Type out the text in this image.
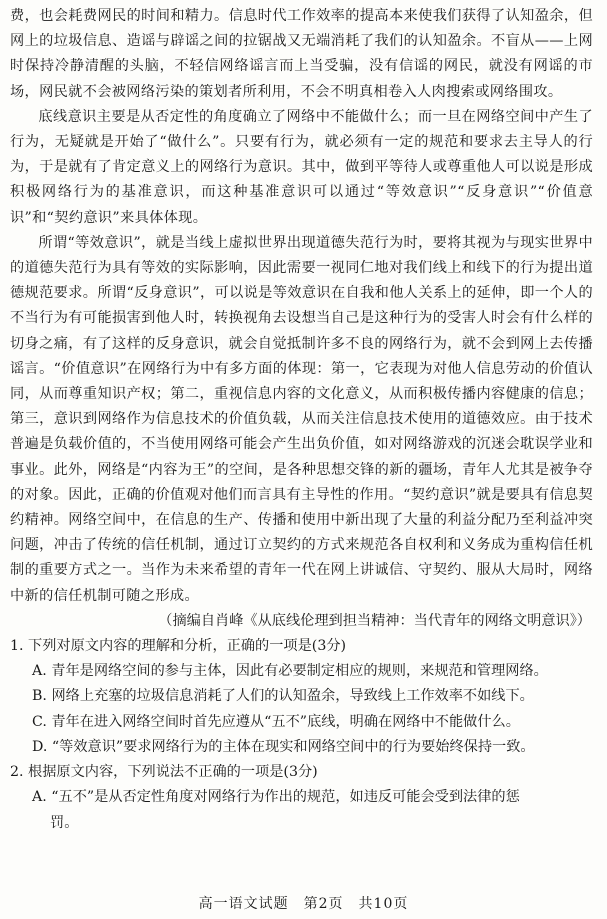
费，也会耗费网民的时间和精力。信息时代工作效率的提高本来使我们获得了认知盈余，但网上的垃圾信息、造谣与辟谣之间的拉锯战又无端消耗了我们的认知盈余。不盲从——上网时保持冷静清醒的头脑，不轻信网络谣言而上当受骗，没有信谣的网民，就没有网谣的市场，网民就不会被网络污染的策划者所利用，不会不明真相卷入人肉搜索或网络围攻。

底线意识主要是从否定性的角度确立了网络中不能做什么；而一旦在网络空间中产生了行为，无疑就是开始了“做什么”。只要有行为，就必须有一定的规范和要求去主导人的行为，于是就有了肯定意义上的网络行为意识。其中，做到平等待人或尊重他人可以说是形成积极网络行为的基准意识，而这种基准意识可以通过“等效意识”“反身意识”“价值意识”和“契约意识”来具体体现。

所谓“等效意识”，就是当线上虚拟世界出现道德失范行为时，要将其视为与现实世界中的道德失范行为具有等效的实际影响，因此需要一视同仁地对我们线上和线下的行为提出道德规范要求。所谓“反身意识”，可以说是等效意识在自我和他人关系上的延伸，即一个人的不当行为有可能损害到他人时，转换视角去设想当自己是这种行为的受害人时会有什么样的切身之痛，有了这样的反身意识，就会自觉抵制许多不良的网络行为，就不会到网上去传播谣言。“价值意识”在网络行为中有多方面的体现：第一，它表现为对他人信息劳动的价值认同，从而尊重知识产权；第二，重视信息内容的文化意义，从而积极传播内容健康的信息；第三，意识到网络作为信息技术的价值负载，从而关注信息技术使用的道德效应。由于技术普遍是负载价值的，不当使用网络可能会产生出负价值，如对网络游戏的沉迷会耽误学业和事业。此外，网络是“内容为王”的空间，是各种思想交锋的新的疆场，青年人尤其是被争夺的对象。因此，正确的价值观对他们而言具有主导性的作用。“契约意识”就是要具有信息契约精神。网络空间中，在信息的生产、传播和使用中新出现了大量的利益分配乃至利益冲突问题，冲击了传统的信任机制，通过订立契约的方式来规范各自权利和义务成为重构信任机制的重要方式之一。当作为未来希望的青年一代在网上讲诚信、守契约、服从大局时，网络中新的信任机制可随之形成。

（摘编自肖峰《从底线伦理到担当精神：当代青年的网络文明意识》）

1. 下列对原文内容的理解和分析，正确的一项是(3分)

A. 青年是网络空间的参与主体，因此有必要制定相应的规则，来规范和管理网络。

B. 网络上充塞的垃圾信息消耗了人们的认知盈余，导致线上工作效率不如线下。

C. 青年在进入网络空间时首先应遵从“五不”底线，明确在网络中不能做什么。

D. “等效意识”要求网络行为的主体在现实和网络空间中的行为要始终保持一致。

2. 根据原文内容，下列说法不正确的一项是(3分)

A. “五不”是从否定性角度对网络行为作出的规范，如违反可能会受到法律的惩

罚。

高一语文试题　第2页　共10页
